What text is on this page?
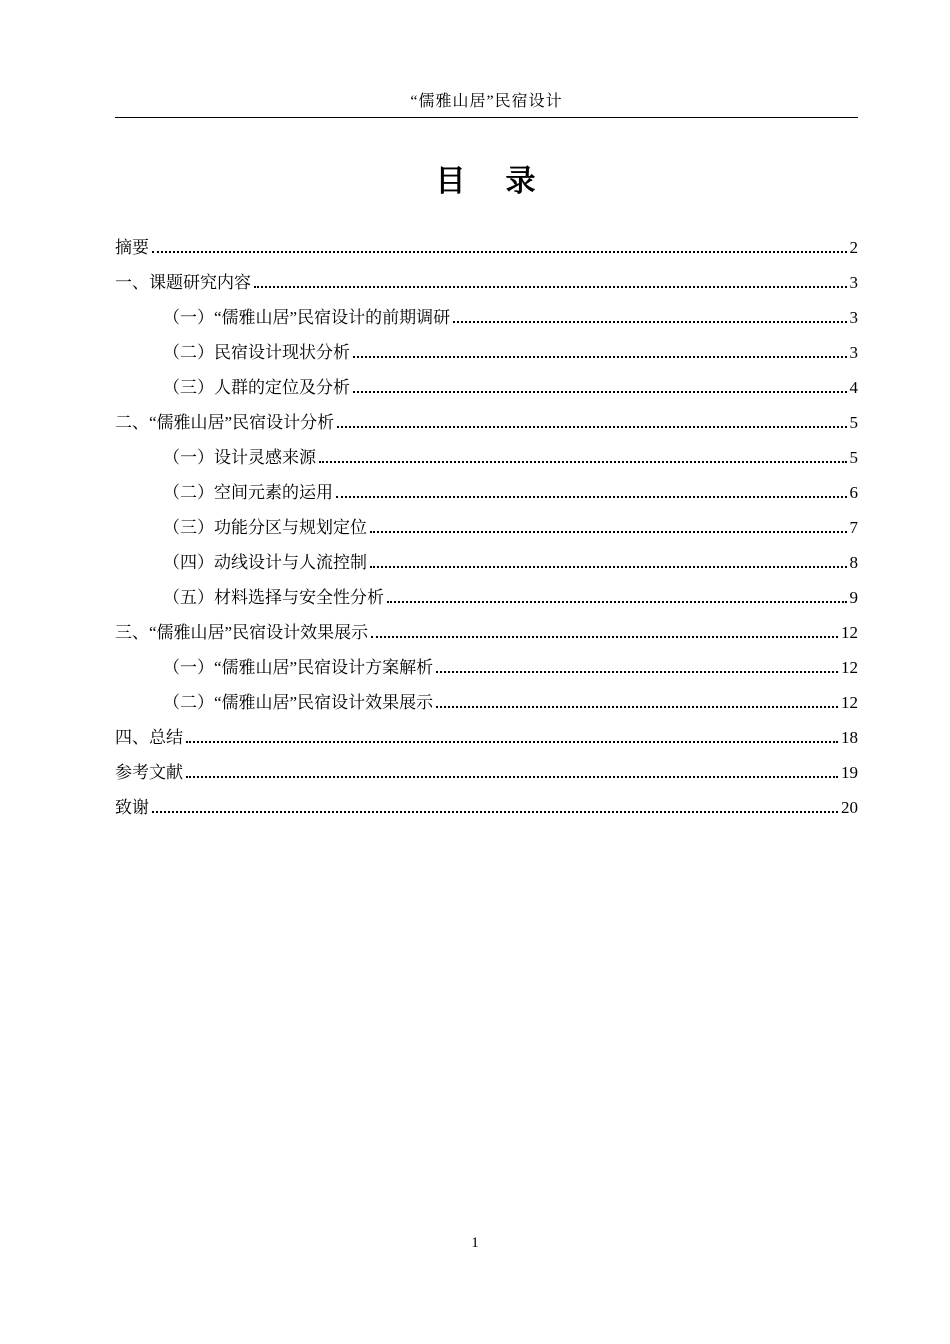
“儒雅山居”民宿设计
目    录
摘要	2
一、课题研究内容	3
（一）“儒雅山居”民宿设计的前期调研	3
（二）民宿设计现状分析	3
（三）人群的定位及分析	4
二、“儒雅山居”民宿设计分析	5
（一）设计灵感来源	5
（二）空间元素的运用	6
（三）功能分区与规划定位	7
（四）动线设计与人流控制	8
（五）材料选择与安全性分析	9
三、“儒雅山居”民宿设计效果展示	12
（一）“儒雅山居”民宿设计方案解析	12
（二）“儒雅山居”民宿设计效果展示	12
四、总结	18
参考文献	19
致谢	20
1
